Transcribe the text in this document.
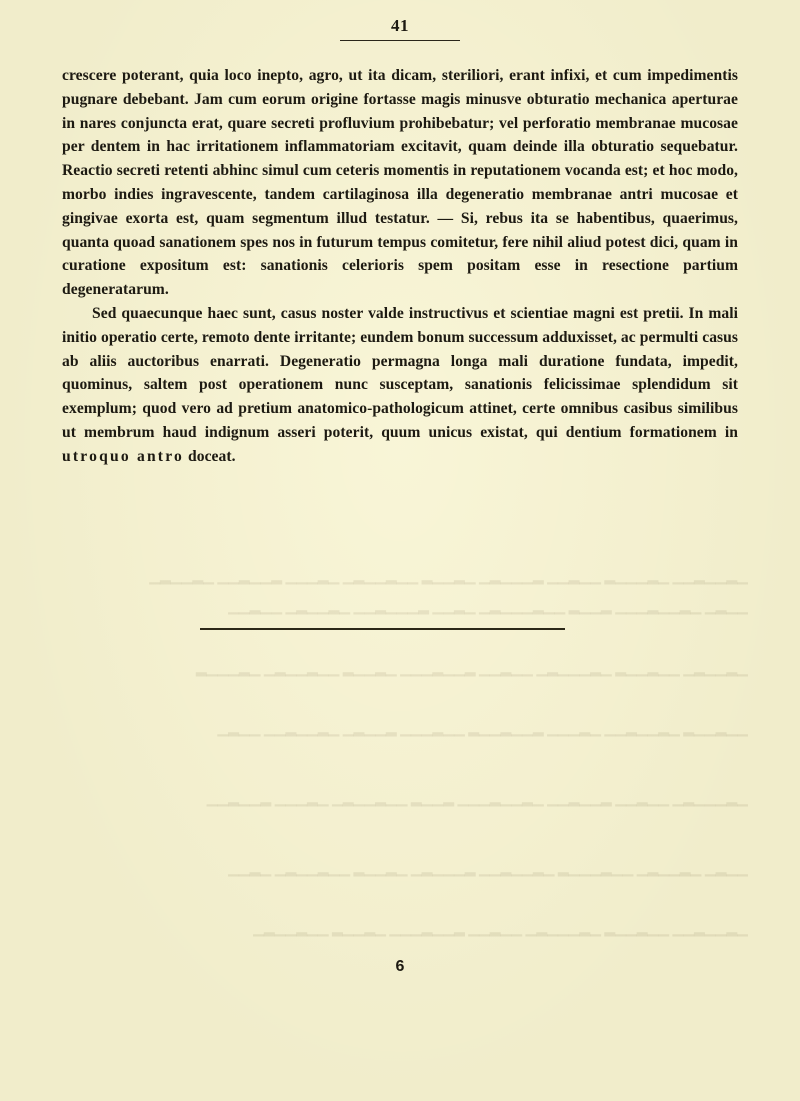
41

crescere poterant, quia loco inepto, agro, ut ita dicam, steriliori, erant infixi, et cum impedimentis pugnare debebant. Jam cum eorum origine fortasse magis minusve obturatio mechanica aperturae in nares conjuncta erat, quare secreti profluvium prohibebatur; vel perforatio membranae mucosae per dentem in hac irritationem inflammatoriam excitavit, quam deinde illa obturatio sequebatur. Reactio secreti retenti abhinc simul cum ceteris momentis in reputationem vocanda est; et hoc modo, morbo indies ingravescente, tandem cartilaginosa illa degeneratio membranae antri mucosae et gingivae exorta est, quam segmentum illud testatur. — Si, rebus ita se habentibus, quaerimus, quanta quoad sanationem spes nos in futurum tempus comitetur, fere nihil aliud potest dici, quam in curatione expositum est: sanationis celerioris spem positam esse in resectione partium degeneratarum.

Sed quaecunque haec sunt, casus noster valde instructivus et scientiae magni est pretii. In mali initio operatio certe, remoto dente irritante; eundem bonum successum adduxisset, ac permulti casus ab aliis auctoribus enarrati. Degeneratio permagna longa mali duratione fundata, impedit, quominus, saltem post operationem nunc susceptam, sanationis felicissimae splendidum sit exemplum; quod vero ad pretium anatomico-pathologicum attinet, certe omnibus casibus similibus ut membrum haud indignum asseri poterit, quum unicus existat, qui dentium formationem in utroquo antro doceat.

▁▂▁▁▂▁▁ ▁▂▁▁▁▂ ▁▁▂▁▁ ▂▁▁▁▂▁ ▁▂▁▁▂ ▁▁▂▁▁▂▁ ▁▂▁▁▁ ▂▁▁▂▁▁ ▁▂▁▁▂▁
▁▁▂▁ ▁▂▁▁▂▁▁▁ ▂▁▁▂ ▁▁▂▁▁▁▂▁ ▁▂▁▁ ▂▁▁▁▂▁▁ ▁▂▁▁▂▁ ▁▁▂▁▁
▁▂▁▁▂▁ ▁▁▂▁▁▂ ▁▂▁▁▁▂▁ ▁▁▂▁▁ ▂▁▁▂▁▁▁ ▁▂▁▁▂ ▁▁▂▁▁▂▁ ▁▂▁▁▁▂
▁▁▂▁▁▂ ▁▂▁▁▂▁▁ ▁▂▁▁▁ ▂▁▁▂▁▁▂ ▁▁▂▁▁▁ ▂▁▁▂▁ ▁▂▁▁▂▁▁ ▁▁▂▁
▁▂▁▁▁▂▁ ▁▁▂▁▁ ▂▁▁▂▁▁ ▁▂▁▁▂▁▁▁ ▂▁▁▂ ▁▁▂▁▁▂▁ ▁▂▁▁▁ ▂▁▁▂▁▁
▁▁▂▁ ▁▂▁▁▂▁ ▁▁▂▁▁▁▂ ▁▂▁▁▂▁▁ ▂▁▁▁▂▁ ▁▂▁▁▂ ▁▁▂▁▁▂▁ ▁▂▁▁
▁▂▁▁▂▁▁ ▁▁▂▁▁▂ ▁▂▁▁▁▂▁ ▁▁▂▁▁ ▂▁▁▂▁▁▁ ▁▂▁▁▂ ▁▁▂▁▁▂▁
6
